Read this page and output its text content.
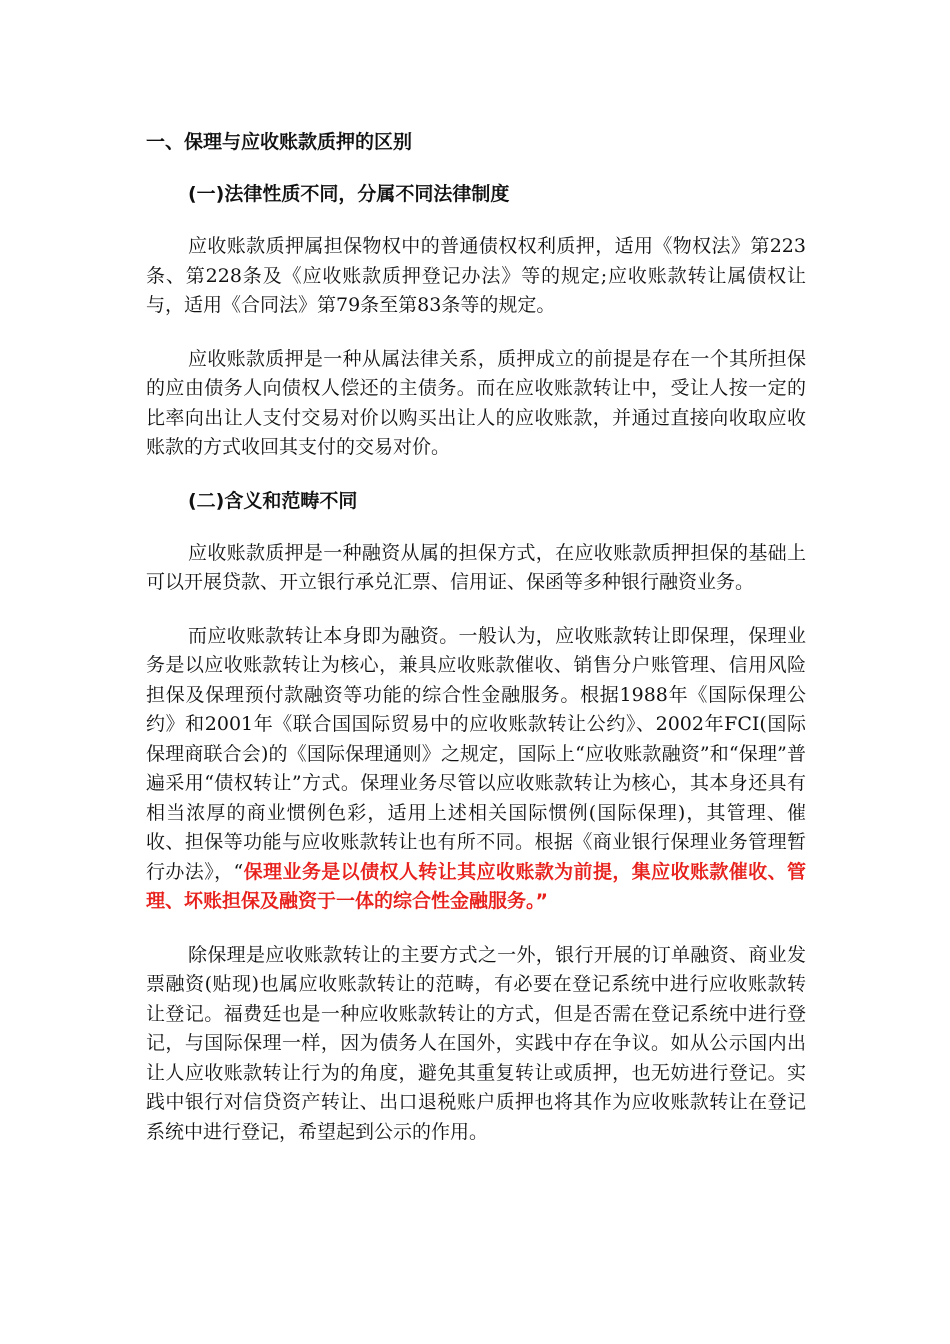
一、保理与应收账款质押的区别

(一)法律性质不同，分属不同法律制度

应收账款质押属担保物权中的普通债权权利质押，适用《物权法》第223条、第228条及《应收账款质押登记办法》等的规定;应收账款转让属债权让与，适用《合同法》第79条至第83条等的规定。

应收账款质押是一种从属法律关系，质押成立的前提是存在一个其所担保的应由债务人向债权人偿还的主债务。而在应收账款转让中，受让人按一定的比率向出让人支付交易对价以购买出让人的应收账款，并通过直接向收取应收账款的方式收回其支付的交易对价。

(二)含义和范畴不同

应收账款质押是一种融资从属的担保方式，在应收账款质押担保的基础上可以开展贷款、开立银行承兑汇票、信用证、保函等多种银行融资业务。

而应收账款转让本身即为融资。一般认为，应收账款转让即保理，保理业务是以应收账款转让为核心，兼具应收账款催收、销售分户账管理、信用风险担保及保理预付款融资等功能的综合性金融服务。根据1988年《国际保理公约》和2001年《联合国国际贸易中的应收账款转让公约》、2002年FCI(国际保理商联合会)的《国际保理通则》之规定，国际上“应收账款融资”和“保理”普遍采用“债权转让”方式。保理业务尽管以应收账款转让为核心，其本身还具有相当浓厚的商业惯例色彩，适用上述相关国际惯例(国际保理)，其管理、催收、担保等功能与应收账款转让也有所不同。根据《商业银行保理业务管理暂行办法》，“保理业务是以债权人转让其应收账款为前提，集应收账款催收、管理、坏账担保及融资于一体的综合性金融服务。”

除保理是应收账款转让的主要方式之一外，银行开展的订单融资、商业发票融资(贴现)也属应收账款转让的范畴，有必要在登记系统中进行应收账款转让登记。福费廷也是一种应收账款转让的方式，但是否需在登记系统中进行登记，与国际保理一样，因为债务人在国外，实践中存在争议。如从公示国内出让人应收账款转让行为的角度，避免其重复转让或质押，也无妨进行登记。实践中银行对信贷资产转让、出口退税账户质押也将其作为应收账款转让在登记系统中进行登记，希望起到公示的作用。
